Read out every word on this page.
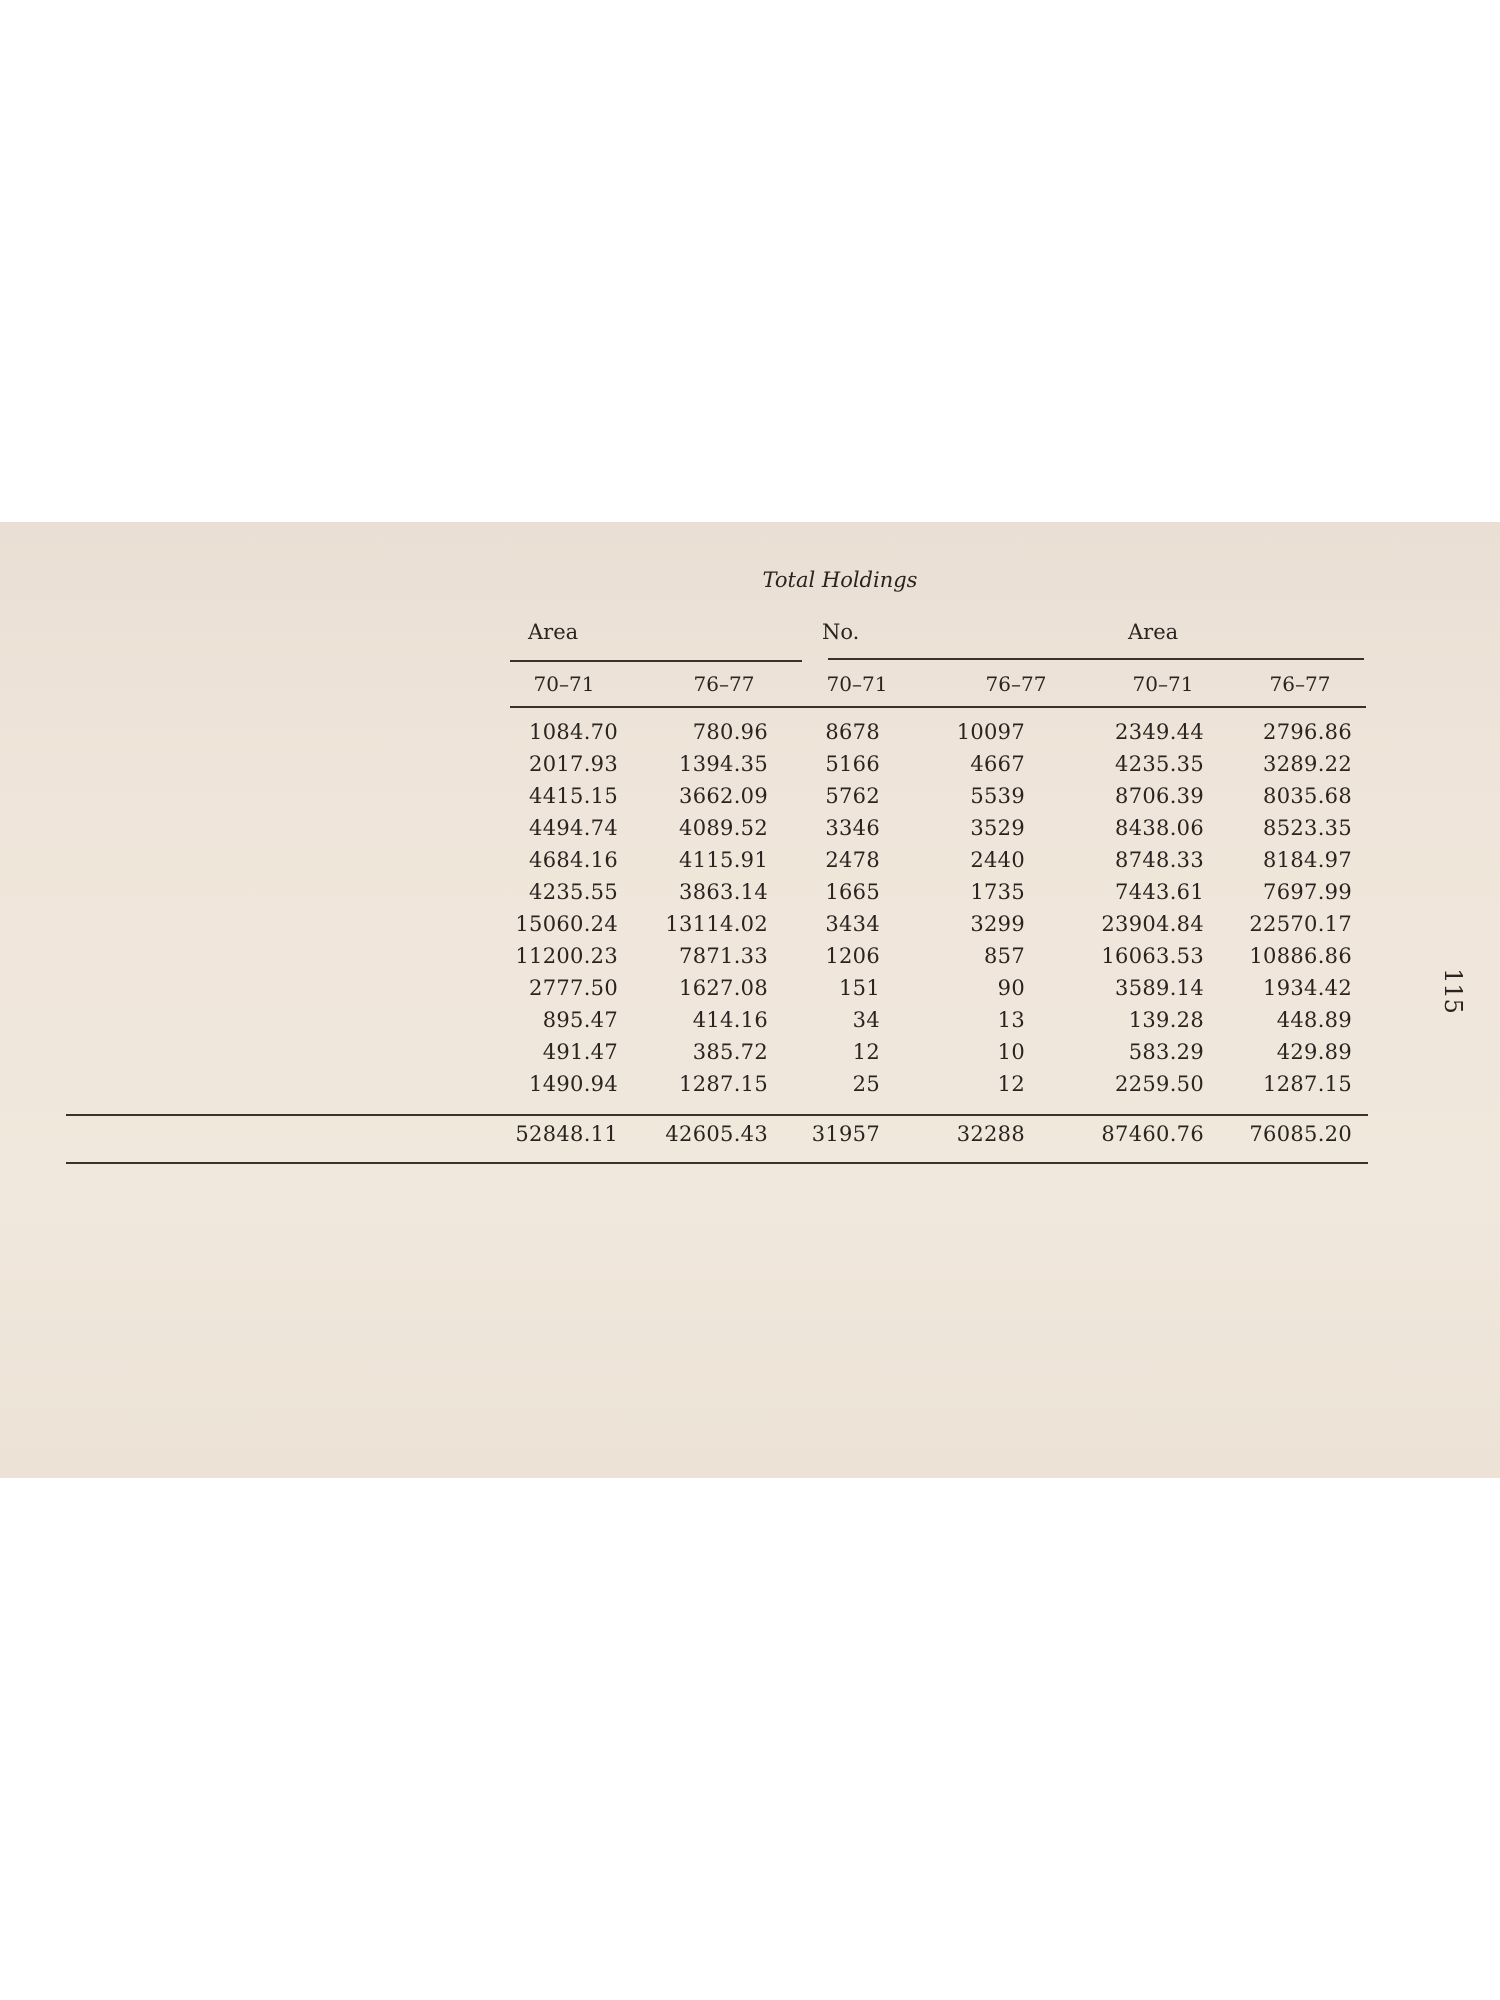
Total Holdings
Area	No.	Area
70–71	76–77	70–71	76–77	70–71	76–77
1084.70	780.96	8678	10097	2349.44	2796.86
2017.93	1394.35	5166	4667	4235.35	3289.22
4415.15	3662.09	5762	5539	8706.39	8035.68
4494.74	4089.52	3346	3529	8438.06	8523.35
4684.16	4115.91	2478	2440	8748.33	8184.97
4235.55	3863.14	1665	1735	7443.61	7697.99
15060.24	13114.02	3434	3299	23904.84	22570.17
11200.23	7871.33	1206	857	16063.53	10886.86
2777.50	1627.08	151	90	3589.14	1934.42
895.47	414.16	34	13	139.28	448.89
491.47	385.72	12	10	583.29	429.89
1490.94	1287.15	25	12	2259.50	1287.15
52848.11	42605.43	31957	32288	87460.76	76085.20
115
